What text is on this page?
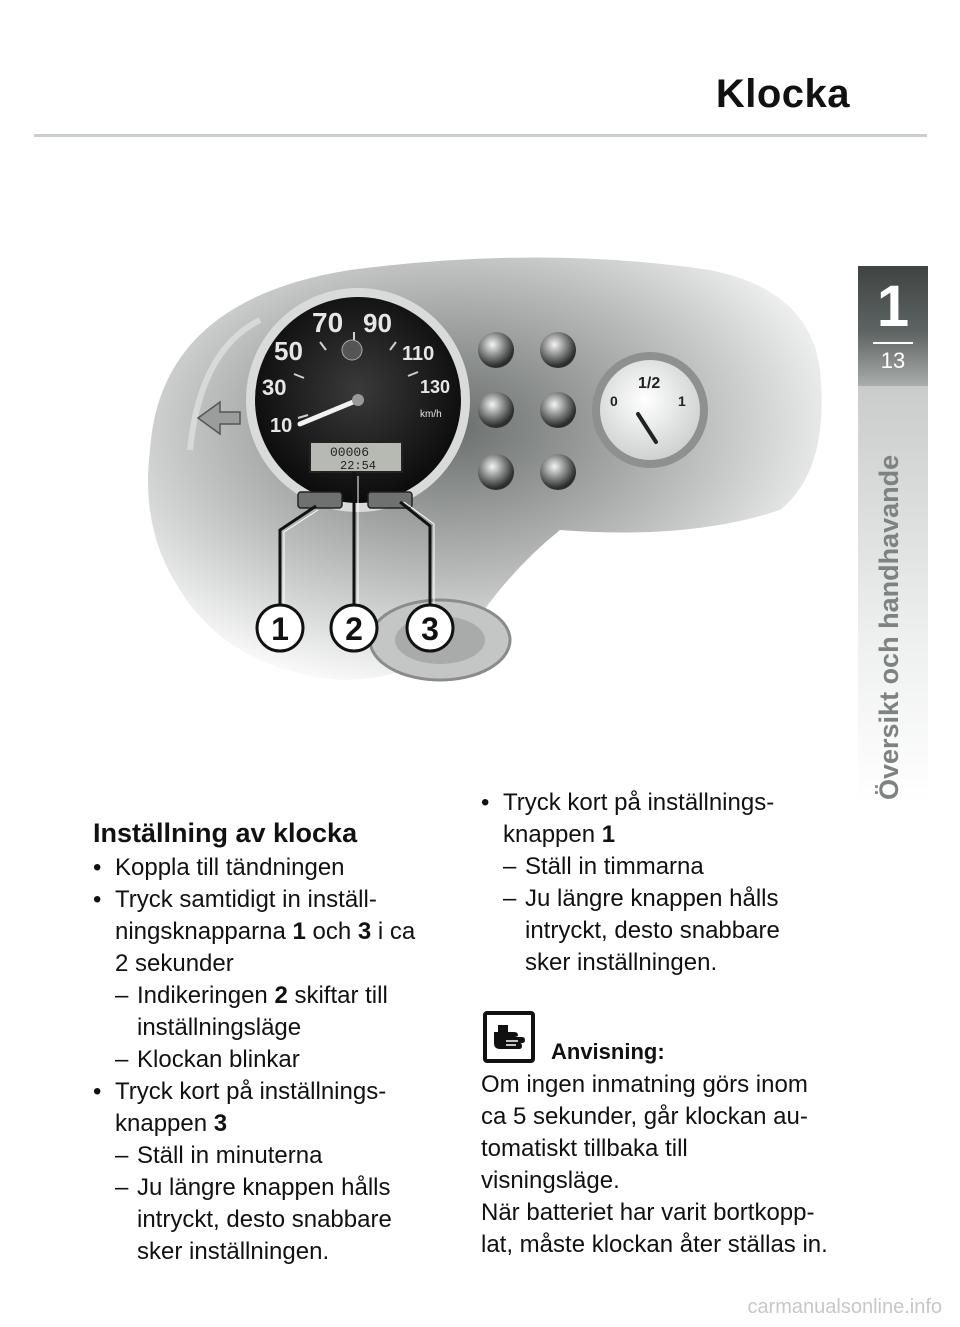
Klocka
1
13
Översikt och handhavande
10
30
50
70 90
110
130
km/h
00006
22:54
0
1/2
1
1 2 3
Inställning av klocka
• Koppla till tändningen
• Tryck samtidigt in inställ-
ningsknapparna 1 och 3 i ca
2 sekunder
– Indikeringen 2 skiftar till
inställningsläge
– Klockan blinkar
• Tryck kort på inställnings-
knappen 3
– Ställ in minuterna
– Ju längre knappen hålls
intryckt, desto snabbare
sker inställningen.
• Tryck kort på inställnings-
knappen 1
– Ställ in timmarna
– Ju längre knappen hålls
intryckt, desto snabbare
sker inställningen.
Anvisning:
Om ingen inmatning görs inom
ca 5 sekunder, går klockan au-
tomatiskt tillbaka till
visningsläge.
När batteriet har varit bortkopp-
lat, måste klockan åter ställas in.
carmanualsonline.info
